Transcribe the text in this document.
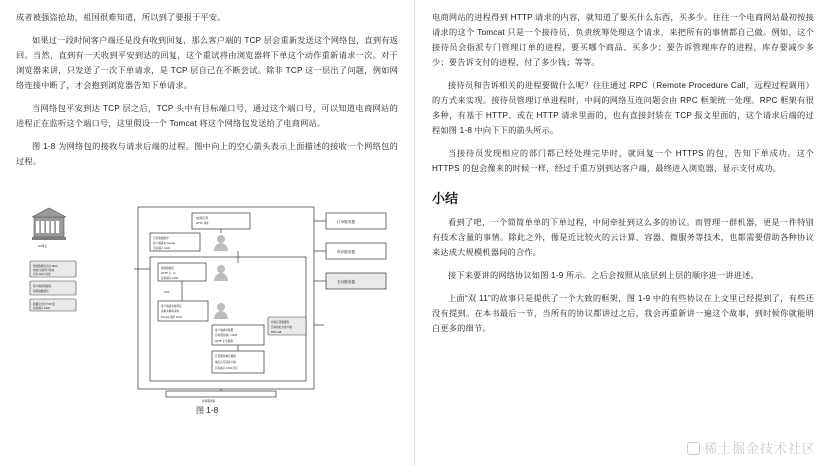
成者被强盗抢劫，祖国很难知道，所以到了要报于平安。

如果过一段时间客户端还是没有收到回复，那么客户端的 TCP 层会重新发送这个网络包，直到有返回。当然，直到有一天收到平安到达的回复，这个重试将由浏览器将下单这个动作重新请求一次。对于浏览器来讲，只发送了一次下单请求，是 TCP 层自己在不断尝试。除非 TCP 这一层出了问题，例如网络连接中断了，才会抱到浏览器告知下单请求。

当网络包平安到达 TCP 层之后，TCP 头中有目标端口号，通过这个端口号，可以知道电商网站的进程正在监听这个端口号，这里假设一个 Tomcat 将这个网络包发送给了电商网站。

图 1-8 为网络包的接收与请求后端的过程。图中向上的空心箭头表示上面描述的接收一个网络包的过程。

AC网关
网络数据包到达 MAC
地址/交换网卡地址
目标 MAC 地址
客户端进程接收
到网络数据包
数据包交给 TCP 层
检查端口 1234
电商应用
HTTP 请求
目标数据缓冲
客户端请求 Tomcat
目标端口 1234
网络数据包
HTTP 头、ip
目标端口 1234
ACK
客户端请求缓冲区
读取并解析请求
Tomcat 监听 1234
客户端请求数据
目标服务端口 1234
HTTP 正文数据
应用服务响应数据
响应头写回客户端
目标端口 1234 回写
构造应答数据包
目标地址为客户端
RPC call
传真服务器
订单服务器
库存服务器
支付服务器
图 1-8

电商网站的进程得到 HTTP 请求的内容，就知道了要买什么东西，买多少。往往一个电商网站最初按接请求的这个 Tomcat 只是一个接待员，负责统筹处理这个请求，来把所有的事情都自己做。例如，这个接待员会指派专门管理订单的进程，要买哪个商品、买多少；要告诉管理库存的进程，库存要减少多少；要告诉支付的进程，付了多少钱；等等。

接待员和告诉相关的进程要做什么呢？往往通过 RPC（Remote Procedure Call，远程过程调用）的方式来实现。接待员管理订单进程时，中间的网络互连问题会由 RPC 框架统一处理。RPC 框架有很多种，有基于 HTTP、或在 HTTP 请求里面的，也有直接封装在 TCP 报文里面的，这个请求后端的过程如图 1-8 中向下下的箭头所示。

当接待员发现相应的部门都已经处理完毕时，就回复一个 HTTPS 的包，告知下单成功。这个 HTTPS 的包会像来的时候一样，经过千重万别到达客户端，最终进入浏览器，显示支付成功。

小结

看到了吧，一个简简单单的下单过程，中间牵扯到这么多的协议。而管理一群机器，更是一件特别有技术含量的事情。除此之外，像是近比较火的云计算、容器、微服务等技术，也都需要借助各种协议来达成大规模机器间的合作。

接下来要讲的网络协议如图 1-9 所示。之后会按照从底层到上层的顺序进一讲进述。

上面“双 11”的故事只是提供了一个大致的框架，图 1-9 中的有些协议在上文里已经提到了，有些还没有提到。在本书最后一节，当所有的协议都讲过之后，我会再重新讲一遍这个故事，到时候你就能明白更多的细节。

稀土掘金技术社区
